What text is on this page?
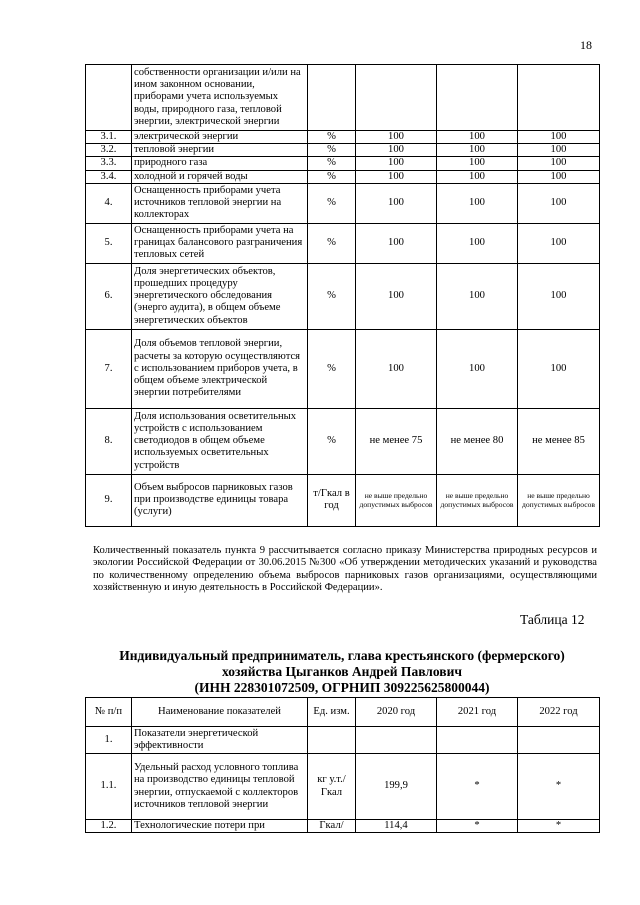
18
	собственности организации и/или на ином законном основании, приборами учета используемых воды, природного газа, тепловой энергии, электрической энергии				
3.1.	электрической энергии	%	100	100	100
3.2.	тепловой энергии	%	100	100	100
3.3.	природного газа	%	100	100	100
3.4.	холодной и горячей воды	%	100	100	100
4.	Оснащенность приборами учета источников тепловой энергии на коллекторах	%	100	100	100
5.	Оснащенность приборами учета на границах балансового разграничения тепловых сетей	%	100	100	100
6.	Доля энергетических объектов, прошедших процедуру энергетического обследования (энерго аудита), в общем объеме энергетических объектов	%	100	100	100
7.	Доля объемов тепловой энергии, расчеты за которую осуществляются с использованием приборов учета, в общем объеме электрической энергии потребителями	%	100	100	100
8.	Доля использования осветительных устройств с использованием светодиодов в общем объеме используемых осветительных устройств	%	не менее 75	не менее 80	не менее 85
9.	Объем выбросов парниковых газов при производстве единицы товара (услуги)	т/Гкал в год	не выше предельно допустимых выбросов	не выше предельно допустимых выбросов	не выше предельно допустимых выбросов
Количественный показатель пункта 9 рассчитывается согласно приказу Министерства природных ресурсов и экологии Российской Федерации от 30.06.2015 №300 «Об утверждении методических указаний и руководства по количественному определению объема выбросов парниковых газов организациями, осуществляющими хозяйственную и иную деятельность в Российской Федерации».
Таблица 12
Индивидуальный предприниматель, глава крестьянского (фермерского)
хозяйства Цыганков Андрей Павлович
(ИНН 228301072509, ОГРНИП 309225625800044)
№ п/п	Наименование показателей	Ед. изм.	2020 год	2021 год	2022 год
1.	Показатели энергетической эффективности				
1.1.	Удельный расход условного топлива на производство единицы тепловой энергии, отпускаемой с коллекторов источников тепловой энергии	кг у.т./ Гкал	199,9	*	*
1.2.	Технологические потери при	Гкал/	114,4	*	*
